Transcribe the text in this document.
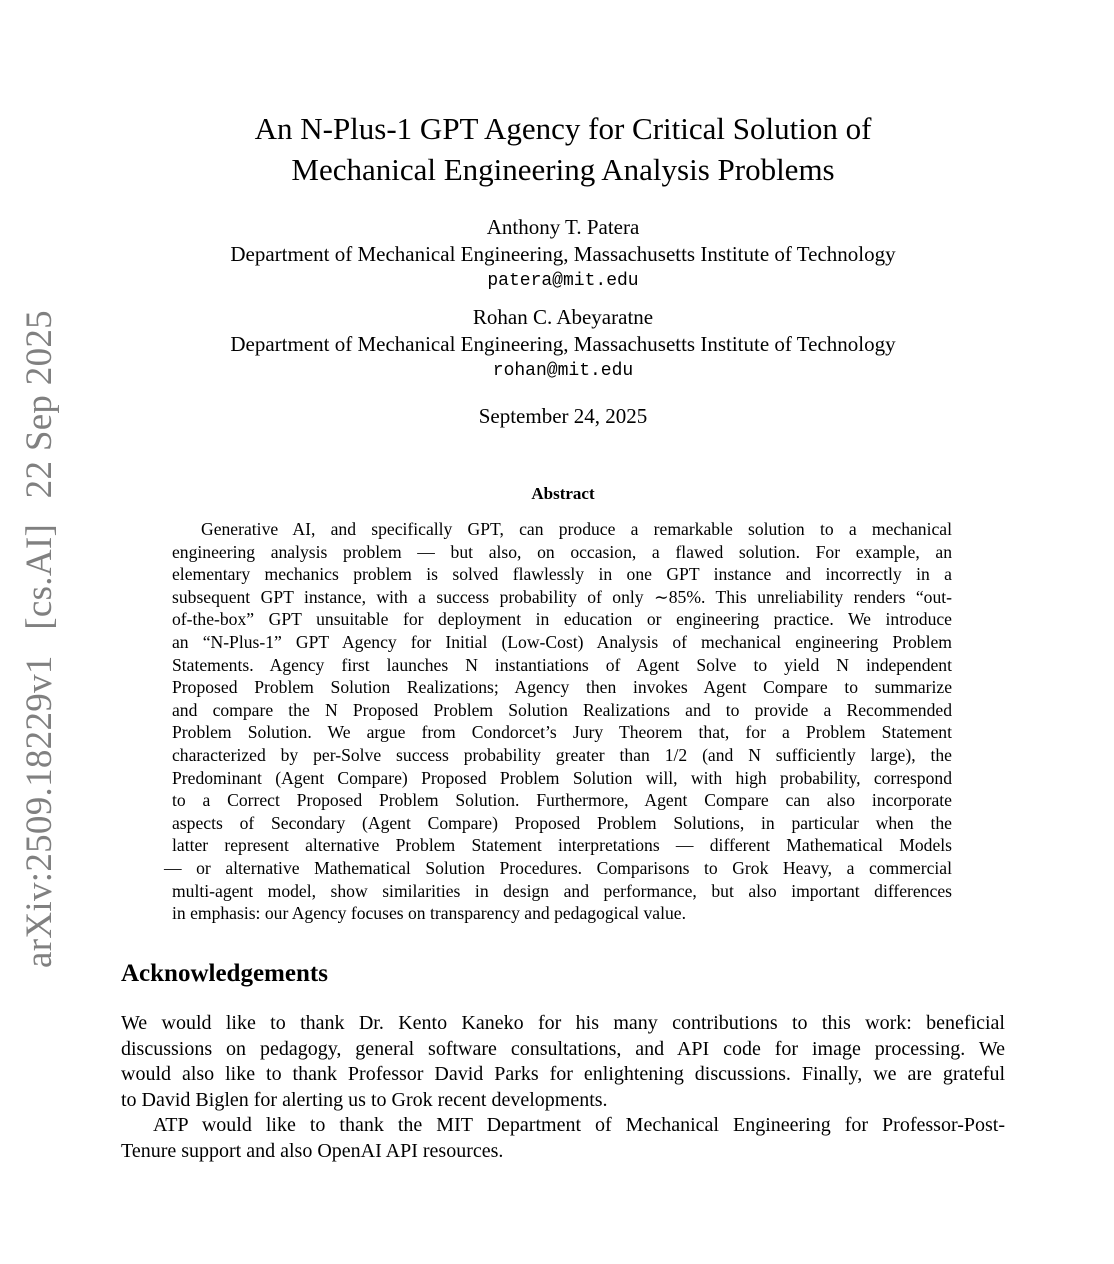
arXiv:2509.18229v1 [cs.AI] 22 Sep 2025
An N-Plus-1 GPT Agency for Critical Solution of
Mechanical Engineering Analysis Problems
Anthony T. Patera
Department of Mechanical Engineering, Massachusetts Institute of Technology
patera@mit.edu
Rohan C. Abeyaratne
Department of Mechanical Engineering, Massachusetts Institute of Technology
rohan@mit.edu
September 24, 2025
Abstract
Generative AI, and specifically GPT, can produce a remarkable solution to a mechanical
engineering analysis problem — but also, on occasion, a flawed solution. For example, an
elementary mechanics problem is solved flawlessly in one GPT instance and incorrectly in a
subsequent GPT instance, with a success probability of only ∼85%. This unreliability renders “out-
of-the-box” GPT unsuitable for deployment in education or engineering practice. We introduce
an “N-Plus-1” GPT Agency for Initial (Low-Cost) Analysis of mechanical engineering Problem
Statements. Agency first launches N instantiations of Agent Solve to yield N independent
Proposed Problem Solution Realizations; Agency then invokes Agent Compare to summarize
and compare the N Proposed Problem Solution Realizations and to provide a Recommended
Problem Solution. We argue from Condorcet’s Jury Theorem that, for a Problem Statement
characterized by per-Solve success probability greater than 1/2 (and N sufficiently large), the
Predominant (Agent Compare) Proposed Problem Solution will, with high probability, correspond
to a Correct Proposed Problem Solution. Furthermore, Agent Compare can also incorporate
aspects of Secondary (Agent Compare) Proposed Problem Solutions, in particular when the
latter represent alternative Problem Statement interpretations — different Mathematical Models
— or alternative Mathematical Solution Procedures. Comparisons to Grok Heavy, a commercial
multi-agent model, show similarities in design and performance, but also important differences
in emphasis: our Agency focuses on transparency and pedagogical value.
Acknowledgements
We would like to thank Dr. Kento Kaneko for his many contributions to this work: beneficial
discussions on pedagogy, general software consultations, and API code for image processing. We
would also like to thank Professor David Parks for enlightening discussions. Finally, we are grateful
to David Biglen for alerting us to Grok recent developments.
ATP would like to thank the MIT Department of Mechanical Engineering for Professor-Post-
Tenure support and also OpenAI API resources.
